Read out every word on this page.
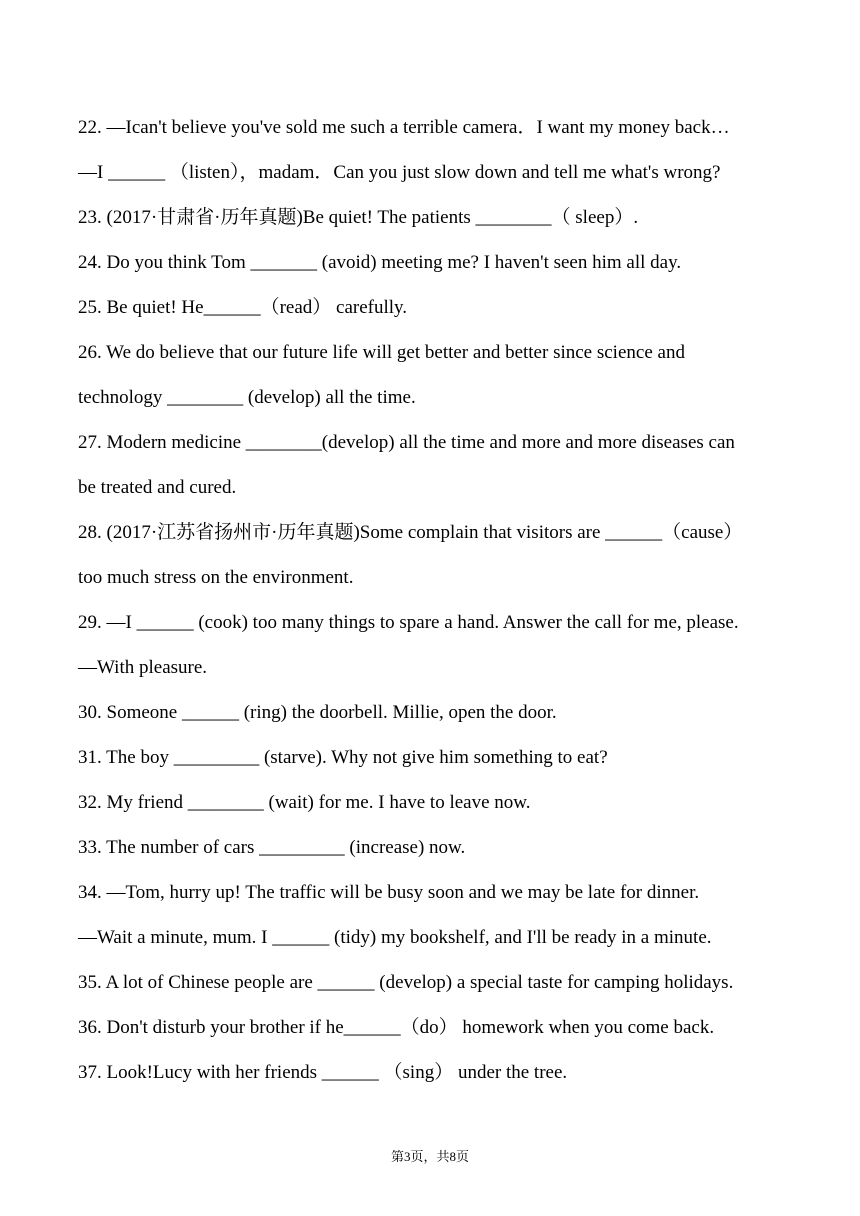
22. —Ican't believe you've sold me such a terrible camera．I want my money back…
—I ______ （listen），madam．Can you just slow down and tell me what's wrong?
23. (2017·甘肃省·历年真题)Be quiet! The patients ________（ sleep）.
24. Do you think Tom _______ (avoid) meeting me? I haven't seen him all day.
25. Be quiet! He______（read） carefully.
26. We do believe that our future life will get better and better since science and
technology ________ (develop) all the time.
27. Modern medicine ________(develop) all the time and more and more diseases can
be treated and cured.
28. (2017·江苏省扬州市·历年真题)Some complain that visitors are ______（cause）
too much stress on the environment.
29. —I ______ (cook) too many things to spare a hand. Answer the call for me, please.
—With pleasure.
30. Someone ______ (ring) the doorbell. Millie, open the door.
31. The boy _________ (starve). Why not give him something to eat?
32. My friend ________ (wait) for me. I have to leave now.
33. The number of cars _________ (increase) now.
34. —Tom, hurry up! The traffic will be busy soon and we may be late for dinner.
—Wait a minute, mum. I ______ (tidy) my bookshelf, and I'll be ready in a minute.
35. A lot of Chinese people are ______ (develop) a special taste for camping holidays.
36. Don't disturb your brother if he______（do） homework when you come back.
37. Look!Lucy with her friends ______ （sing） under the tree.
第3页，共8页
